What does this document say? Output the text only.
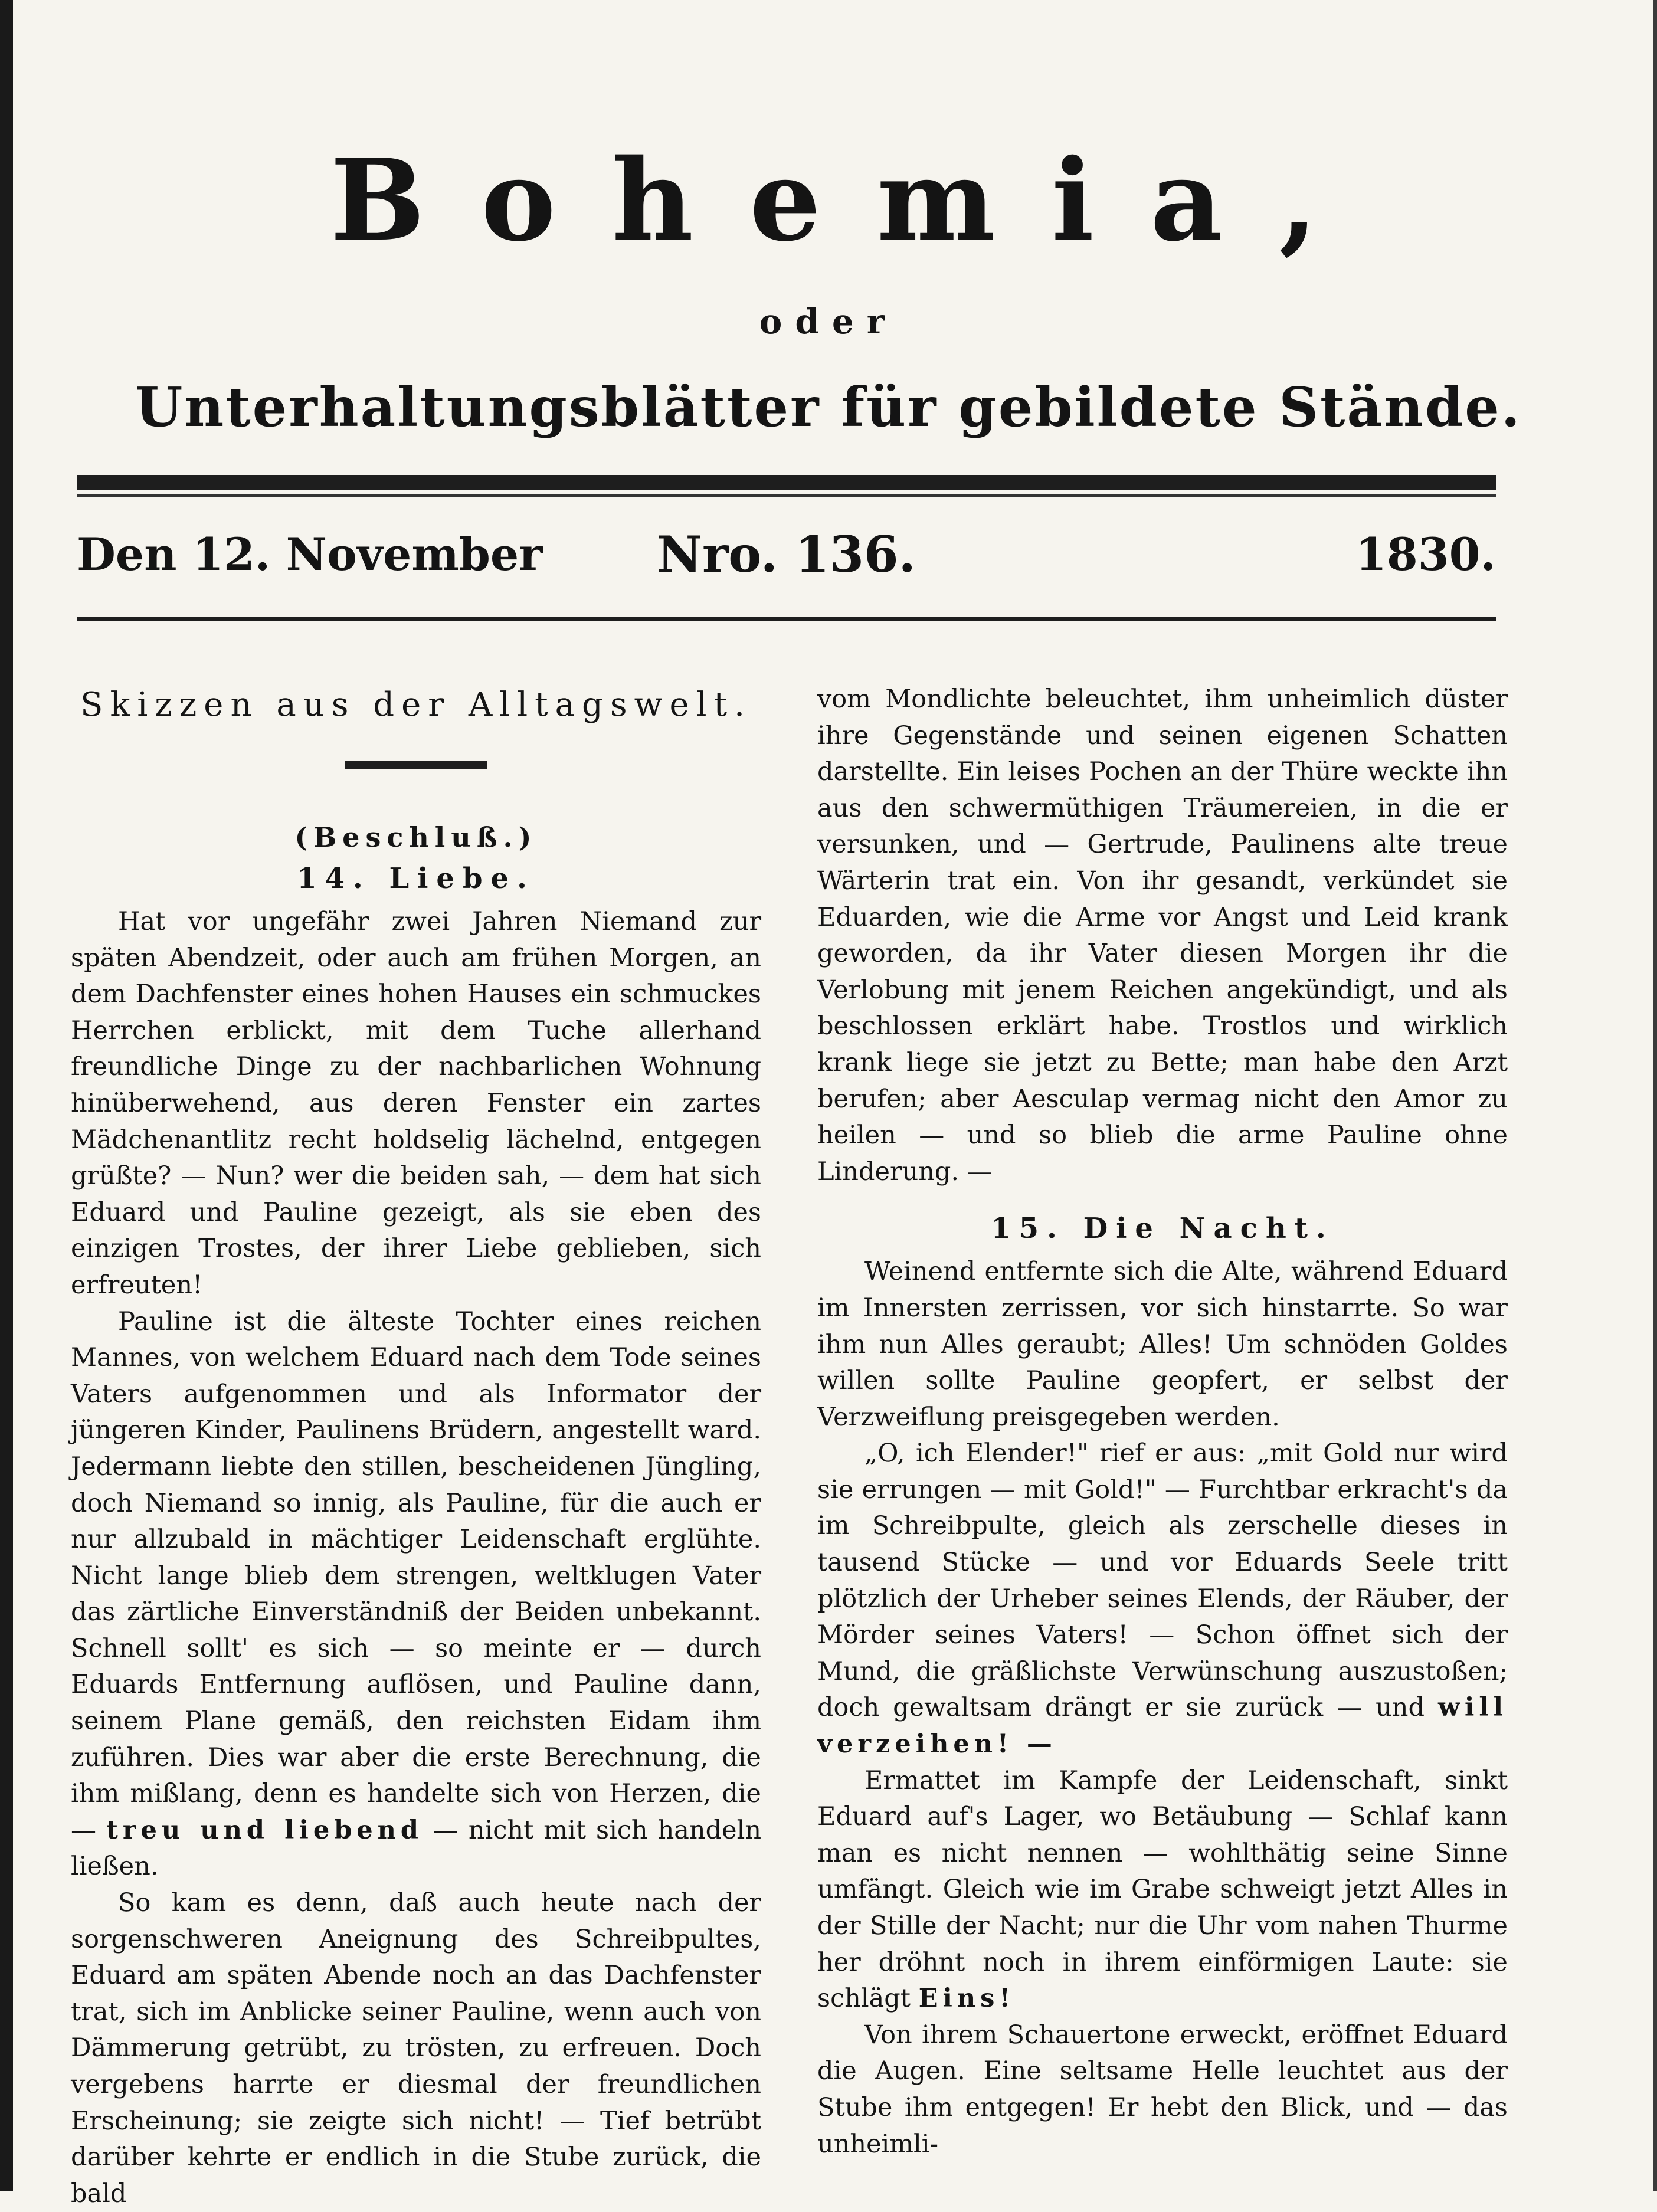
Bohemia,
oder
Unterhaltungsblätter für gebildete Stände.
Nro. 136.
Den 12. November	1830.
Skizzen aus der Alltagswelt.
(Beschluß.)
14. Liebe.

Hat vor ungefähr zwei Jahren Niemand zur späten Abendzeit, oder auch am frühen Morgen, an dem Dachfenster eines hohen Hauses ein schmuckes Herrchen erblickt, mit dem Tuche allerhand freundliche Dinge zu der nachbarlichen Wohnung hinüberwehend, aus deren Fenster ein zartes Mädchenantlitz recht holdselig lächelnd, entgegen grüßte? — Nun? wer die beiden sah, — dem hat sich Eduard und Pauline gezeigt, als sie eben des einzigen Trostes, der ihrer Liebe geblieben, sich erfreuten!

Pauline ist die älteste Tochter eines reichen Mannes, von welchem Eduard nach dem Tode seines Vaters aufgenommen und als Informator der jüngeren Kinder, Paulinens Brüdern, angestellt ward. Jedermann liebte den stillen, bescheidenen Jüngling, doch Niemand so innig, als Pauline, für die auch er nur allzubald in mächtiger Leidenschaft erglühte. Nicht lange blieb dem strengen, weltklugen Vater das zärtliche Einverständniß der Beiden unbekannt. Schnell sollt' es sich — so meinte er — durch Eduards Entfernung auflösen, und Pauline dann, seinem Plane gemäß, den reichsten Eidam ihm zuführen. Dies war aber die erste Berechnung, die ihm mißlang, denn es handelte sich von Herzen, die — treu und liebend — nicht mit sich handeln ließen.

So kam es denn, daß auch heute nach der sorgenschweren Aneignung des Schreibpultes, Eduard am späten Abende noch an das Dachfenster trat, sich im Anblicke seiner Pauline, wenn auch von Dämmerung getrübt, zu trösten, zu erfreuen. Doch vergebens harrte er diesmal der freundlichen Erscheinung; sie zeigte sich nicht! — Tief betrübt darüber kehrte er endlich in die Stube zurück, die bald

vom Mondlichte beleuchtet, ihm unheimlich düster ihre Gegenstände und seinen eigenen Schatten darstellte. Ein leises Pochen an der Thüre weckte ihn aus den schwermüthigen Träumereien, in die er versunken, und — Gertrude, Paulinens alte treue Wärterin trat ein. Von ihr gesandt, verkündet sie Eduarden, wie die Arme vor Angst und Leid krank geworden, da ihr Vater diesen Morgen ihr die Verlobung mit jenem Reichen angekündigt, und als beschlossen erklärt habe. Trostlos und wirklich krank liege sie jetzt zu Bette; man habe den Arzt berufen; aber Aesculap vermag nicht den Amor zu heilen — und so blieb die arme Pauline ohne Linderung. —

15. Die Nacht.

Weinend entfernte sich die Alte, während Eduard im Innersten zerrissen, vor sich hinstarrte. So war ihm nun Alles geraubt; Alles! Um schnöden Goldes willen sollte Pauline geopfert, er selbst der Verzweiflung preisgegeben werden.

„O, ich Elender!" rief er aus: „mit Gold nur wird sie errungen — mit Gold!" — Furchtbar erkracht's da im Schreibpulte, gleich als zerschelle dieses in tausend Stücke — und vor Eduards Seele tritt plötzlich der Urheber seines Elends, der Räuber, der Mörder seines Vaters! — Schon öffnet sich der Mund, die gräßlichste Verwünschung auszustoßen; doch gewaltsam drängt er sie zurück — und will verzeihen! —

Ermattet im Kampfe der Leidenschaft, sinkt Eduard auf's Lager, wo Betäubung — Schlaf kann man es nicht nennen — wohlthätig seine Sinne umfängt. Gleich wie im Grabe schweigt jetzt Alles in der Stille der Nacht; nur die Uhr vom nahen Thurme her dröhnt noch in ihrem einförmigen Laute: sie schlägt Eins!

Von ihrem Schauertone erweckt, eröffnet Eduard die Augen. Eine seltsame Helle leuchtet aus der Stube ihm entgegen! Er hebt den Blick, und — das unheimli-
